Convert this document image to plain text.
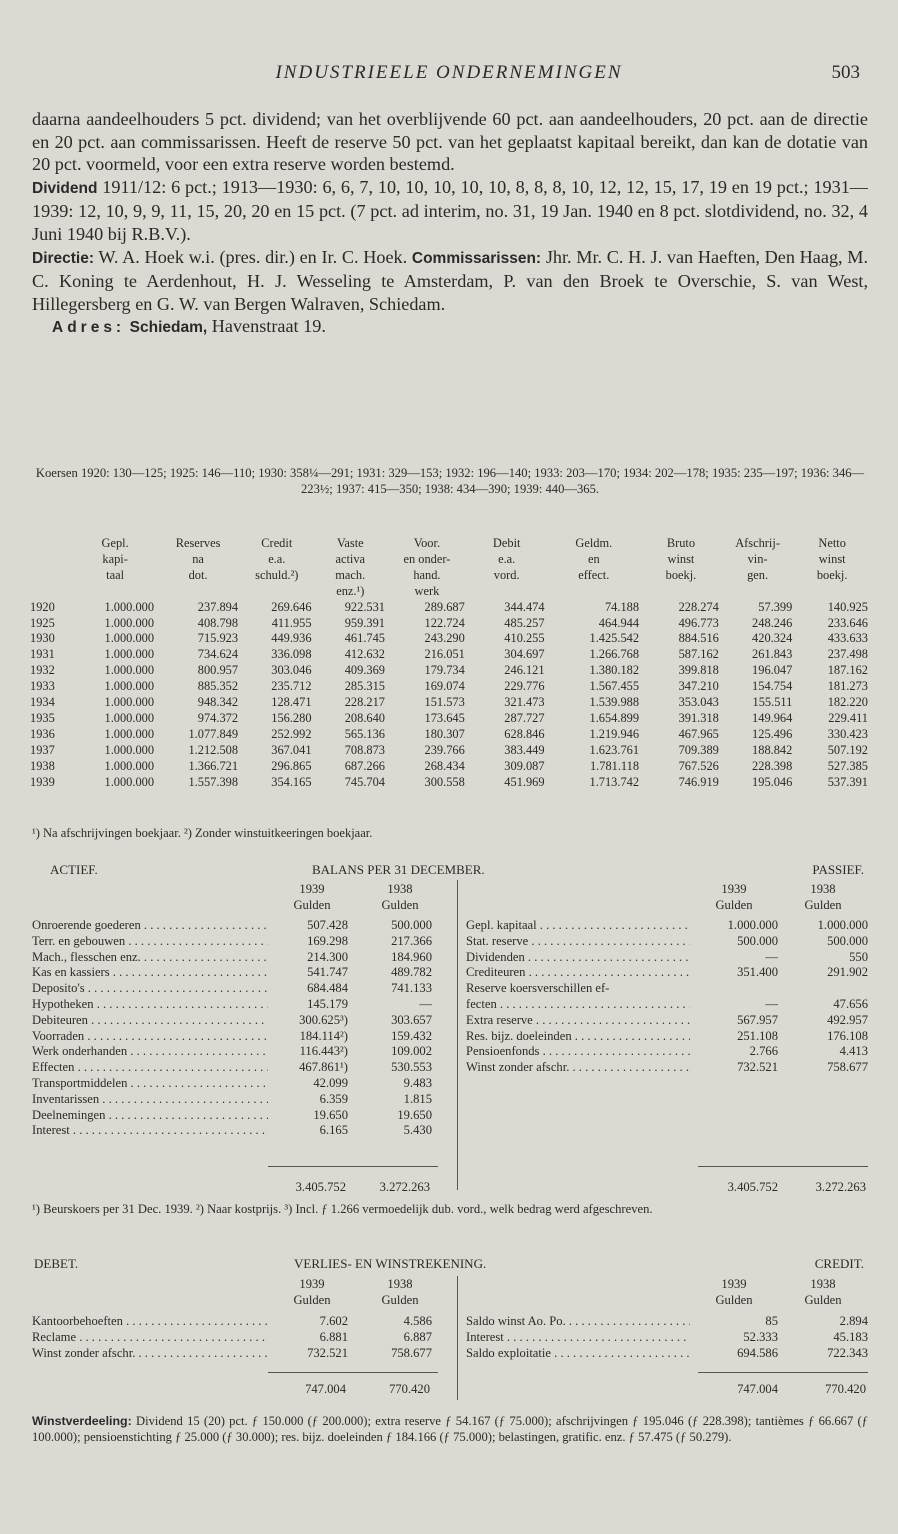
INDUSTRIEELE ONDERNEMINGEN	503

daarna aandeelhouders 5 pct. dividend; van het overblijvende 60 pct. aan aandeelhouders, 20 pct. aan de directie en 20 pct. aan commissarissen. Heeft de reserve 50 pct. van het geplaatst kapitaal bereikt, dan kan de dotatie van 20 pct. voormeld, voor een extra reserve worden bestemd.

Dividend 1911/12: 6 pct.; 1913—1930: 6, 6, 7, 10, 10, 10, 10, 10, 8, 8, 8, 10, 12, 12, 15, 17, 19 en 19 pct.; 1931—1939: 12, 10, 9, 9, 11, 15, 20, 20 en 15 pct. (7 pct. ad interim, no. 31, 19 Jan. 1940 en 8 pct. slotdividend, no. 32, 4 Juni 1940 bij R.B.V.).

Directie: W. A. Hoek w.i. (pres. dir.) en Ir. C. Hoek. Commissarissen: Jhr. Mr. C. H. J. van Haeften, Den Haag, M. C. Koning te Aerdenhout, H. J. Wesseling te Amsterdam, P. van den Broek te Overschie, S. van West, Hillegersberg en G. W. van Bergen Walraven, Schiedam.

Adres: Schiedam, Havenstraat 19.

Koersen 1920: 130—125; 1925: 146—110; 1930: 358¼—291; 1931: 329—153; 1932: 196—140; 1933: 203—170; 1934: 202—178; 1935: 235—197; 1936: 346—223½; 1937: 415—350; 1938: 434—390; 1939: 440—365.
	Gepl.	Reserves	Credit	Vaste	Voor.	Debit	Geldm.	Bruto	Afschrij-	Netto
	kapi-	na	e.a.	activa	en onder-	e.a.	en	winst	vin-	winst
	taal	dot.	schuld.²)	mach.	hand.	vord.	effect.	boekj.	gen.	boekj.
				enz.¹)	werk					
1920	1.000.000	237.894	269.646	922.531	289.687	344.474	74.188	228.274	57.399	140.925
1925	1.000.000	408.798	411.955	959.391	122.724	485.257	464.944	496.773	248.246	233.646
1930	1.000.000	715.923	449.936	461.745	243.290	410.255	1.425.542	884.516	420.324	433.633
1931	1.000.000	734.624	336.098	412.632	216.051	304.697	1.266.768	587.162	261.843	237.498
1932	1.000.000	800.957	303.046	409.369	179.734	246.121	1.380.182	399.818	196.047	187.162
1933	1.000.000	885.352	235.712	285.315	169.074	229.776	1.567.455	347.210	154.754	181.273
1934	1.000.000	948.342	128.471	228.217	151.573	321.473	1.539.988	353.043	155.511	182.220
1935	1.000.000	974.372	156.280	208.640	173.645	287.727	1.654.899	391.318	149.964	229.411
1936	1.000.000	1.077.849	252.992	565.136	180.307	628.846	1.219.946	467.965	125.496	330.423
1937	1.000.000	1.212.508	367.041	708.873	239.766	383.449	1.623.761	709.389	188.842	507.192
1938	1.000.000	1.366.721	296.865	687.266	268.434	309.087	1.781.118	767.526	228.398	527.385
1939	1.000.000	1.557.398	354.165	745.704	300.558	451.969	1.713.742	746.919	195.046	537.391
¹) Na afschrijvingen boekjaar. ²) Zonder winstuitkeeringen boekjaar.
ACTIEF.	BALANS PER 31 DECEMBER.	PASSIEF.
1939	1938
Gulden	Gulden
1939	1938
Gulden	Gulden
Onroerende goederen . . .	507.428	500.000
Terr. en gebouwen . . .	169.298	217.366
Mach., flesschen enz. . . .	214.300	184.960
Kas en kassiers . . .	541.747	489.782
Deposito's . . .	684.484	741.133
Hypotheken . . .	145.179	—
Debiteuren . . .	300.625³)	303.657
Voorraden . . .	184.114²)	159.432
Werk onderhanden . . .	116.443²)	109.002
Effecten . . .	467.861¹)	530.553
Transportmiddelen . . .	42.099	9.483
Inventarissen . . .	6.359	1.815
Deelnemingen . . .	19.650	19.650
Interest . . .	6.165	5.430
Gepl. kapitaal . . .	1.000.000	1.000.000
Stat. reserve . . .	500.000	500.000
Dividenden . . .	—	550
Crediteuren . . .	351.400	291.902
Reserve koersverschillen ef-
fecten . . .	—	47.656
Extra reserve . . .	567.957	492.957
Res. bijz. doeleinden . . .	251.108	176.108
Pensioenfonds . . .	2.766	4.413
Winst zonder afschr. . . .	732.521	758.677
3.405.752	3.272.263	3.405.752	3.272.263
¹) Beurskoers per 31 Dec. 1939. ²) Naar kostprijs. ³) Incl. ƒ 1.266 vermoedelijk dub. vord., welk bedrag werd afgeschreven.
DEBET.	VERLIES- EN WINSTREKENING.	CREDIT.
1939	1938
Gulden	Gulden
1939	1938
Gulden	Gulden
Kantoorbehoeften . . .	7.602	4.586
Reclame . . .	6.881	6.887
Winst zonder afschr. . . .	732.521	758.677
Saldo winst Ao. Po. . . .	85	2.894
Interest . . .	52.333	45.183
Saldo exploitatie . . .	694.586	722.343
747.004	770.420	747.004	770.420
Winstverdeeling: Dividend 15 (20) pct. ƒ 150.000 (ƒ 200.000); extra reserve ƒ 54.167 (ƒ 75.000); afschrijvingen ƒ 195.046 (ƒ 228.398); tantièmes ƒ 66.667 (ƒ 100.000); pensioenstichting ƒ 25.000 (ƒ 30.000); res. bijz. doeleinden ƒ 184.166 (ƒ 75.000); belastingen, gratific. enz. ƒ 57.475 (ƒ 50.279).
